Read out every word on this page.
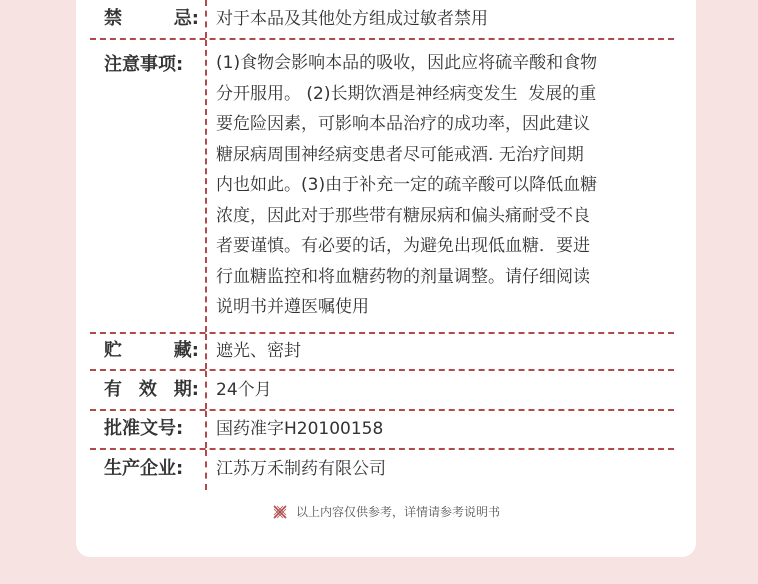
禁	忌:	对于本品及其他处方组成过敏者禁用
注意事项:	(1)食物会影响本品的吸收，因此应将硫辛酸和食物
分开服用。 (2)长期饮酒是神经病变发生  发展的重
要危险因素，可影响本品治疗的成功率，因此建议
糖尿病周围神经病变患者尽可能戒酒. 无治疗间期
内也如此。(3)由于补充一定的疏辛酸可以降低血糖
浓度，因此对于那些带有糖尿病和偏头痛耐受不良
者要谨慎。有必要的话，为避免出现低血糖．要进
行血糖监控和将血糖药物的剂量调整。请仔细阅读
说明书并遵医嘱使用
贮	藏:	遮光、密封
有 效 期:	24个月
批准文号:	国药准字H20100158
生产企业:	江苏万禾制药有限公司
以上内容仅供参考，详情请参考说明书
